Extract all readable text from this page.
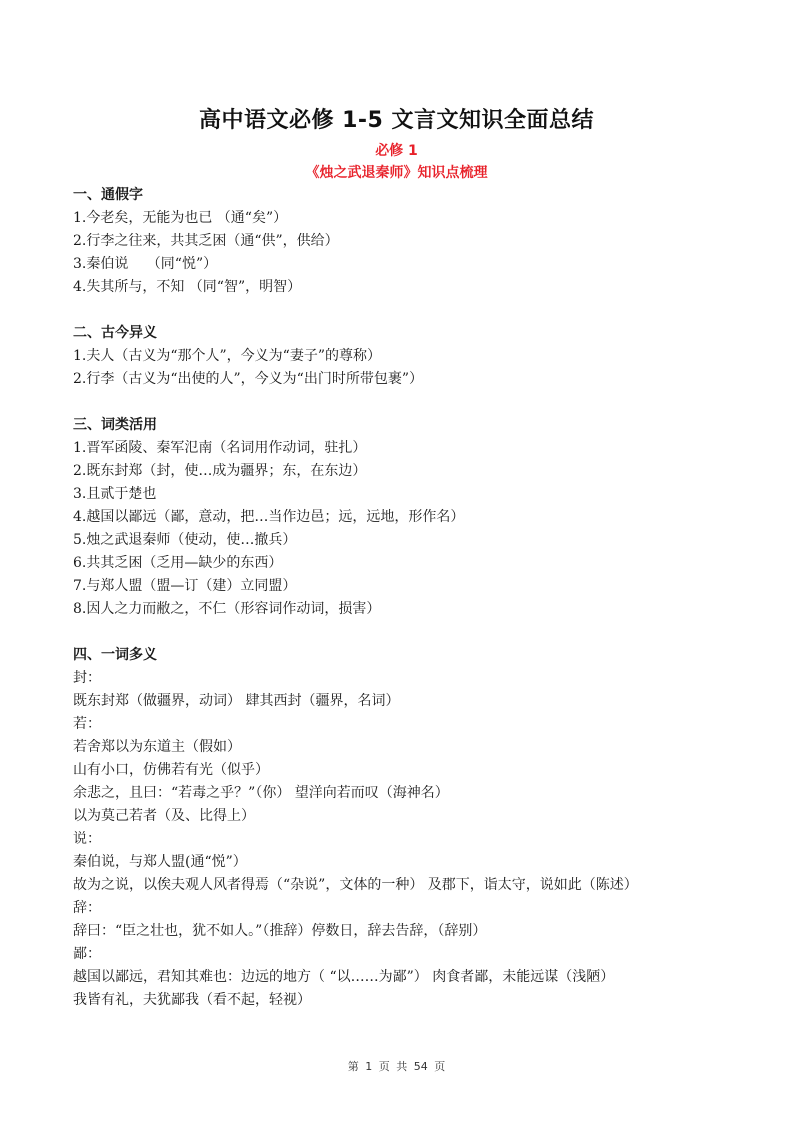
高中语文必修 1-5 文言文知识全面总结
必修 1
《烛之武退秦师》知识点梳理
一、通假字
1.今老矣，无能为也已 （通“矣”）
2.行李之往来，共其乏困（通“供”，供给）
3.秦伯说　 （同“悦”）
4.失其所与，不知 （同“智”，明智）
二、古今异义
1.夫人（古义为“那个人”，今义为“妻子”的尊称）
2.行李（古义为“出使的人”，今义为“出门时所带包裹”）
三、词类活用
1.晋军函陵、秦军氾南（名词用作动词，驻扎）
2.既东封郑（封，使…成为疆界；东，在东边）
3.且贰于楚也
4.越国以鄙远（鄙，意动，把…当作边邑；远，远地，形作名）
5.烛之武退秦师（使动，使…撤兵）
6.共其乏困（乏用—缺少的东西）
7.与郑人盟（盟—订（建）立同盟）
8.因人之力而敝之，不仁（形容词作动词，损害）
四、一词多义
封：
既东封郑（做疆界，动词） 肆其西封（疆界，名词）
若：
若舍郑以为东道主（假如）
山有小口，仿佛若有光（似乎）
余悲之，且曰：“若毒之乎？”（你） 望洋向若而叹（海神名）
以为莫己若者（及、比得上）
说：
秦伯说，与郑人盟(通“悦”）
故为之说，以俟夫观人风者得焉（“杂说”，文体的一种） 及郡下，诣太守，说如此（陈述）
辞：
辞曰：“臣之壮也，犹不如人。”（推辞）停数日，辞去告辞，（辞别）
鄙：
越国以鄙远，君知其难也：边远的地方（ “以……为鄙”） 肉食者鄙，未能远谋（浅陋）
我皆有礼，夫犹鄙我（看不起，轻视）
第 1 页 共 54 页
